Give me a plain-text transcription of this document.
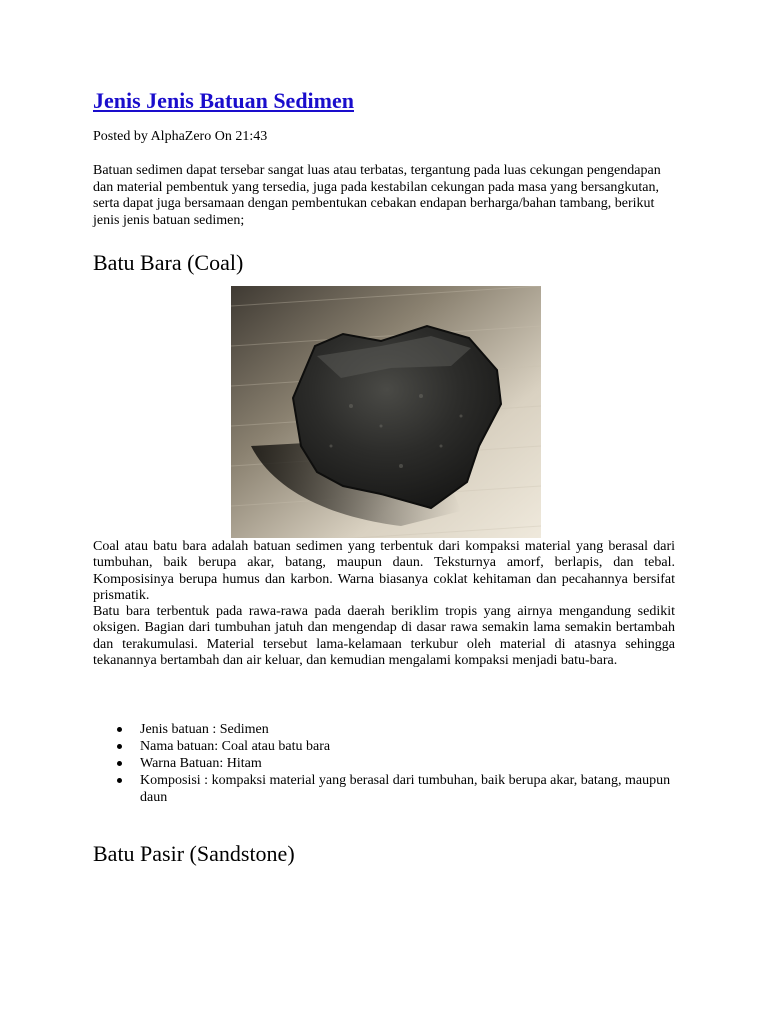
Jenis Jenis Batuan Sedimen
Posted by AlphaZero On 21:43

Batuan sedimen dapat tersebar sangat luas atau terbatas, tergantung pada luas cekungan pengendapan dan material pembentuk yang tersedia, juga pada kestabilan cekungan pada masa yang bersangkutan, serta dapat juga bersamaan dengan pembentukan cebakan endapan berharga/bahan tambang, berikut jenis jenis batuan sedimen;

Batu Bara (Coal)

Coal atau batu bara adalah batuan sedimen yang terbentuk dari kompaksi material yang berasal dari tumbuhan, baik berupa akar, batang, maupun daun. Teksturnya amorf, berlapis, dan tebal. Komposisinya berupa humus dan karbon. Warna biasanya coklat kehitaman dan pecahannya bersifat prismatik.

Batu bara terbentuk pada rawa-rawa pada daerah beriklim tropis yang airnya mengandung sedikit oksigen. Bagian dari tumbuhan jatuh dan mengendap di dasar rawa semakin lama semakin bertambah dan terakumulasi. Material tersebut lama-kelamaan terkubur oleh material di atasnya sehingga tekanannya bertambah dan air keluar, dan kemudian mengalami kompaksi menjadi batu-bara.

Jenis batuan : Sedimen
Nama batuan: Coal atau batu bara
Warna Batuan: Hitam
Komposisi : kompaksi material yang berasal dari tumbuhan, baik berupa akar, batang, maupun daun
Batu Pasir (Sandstone)
